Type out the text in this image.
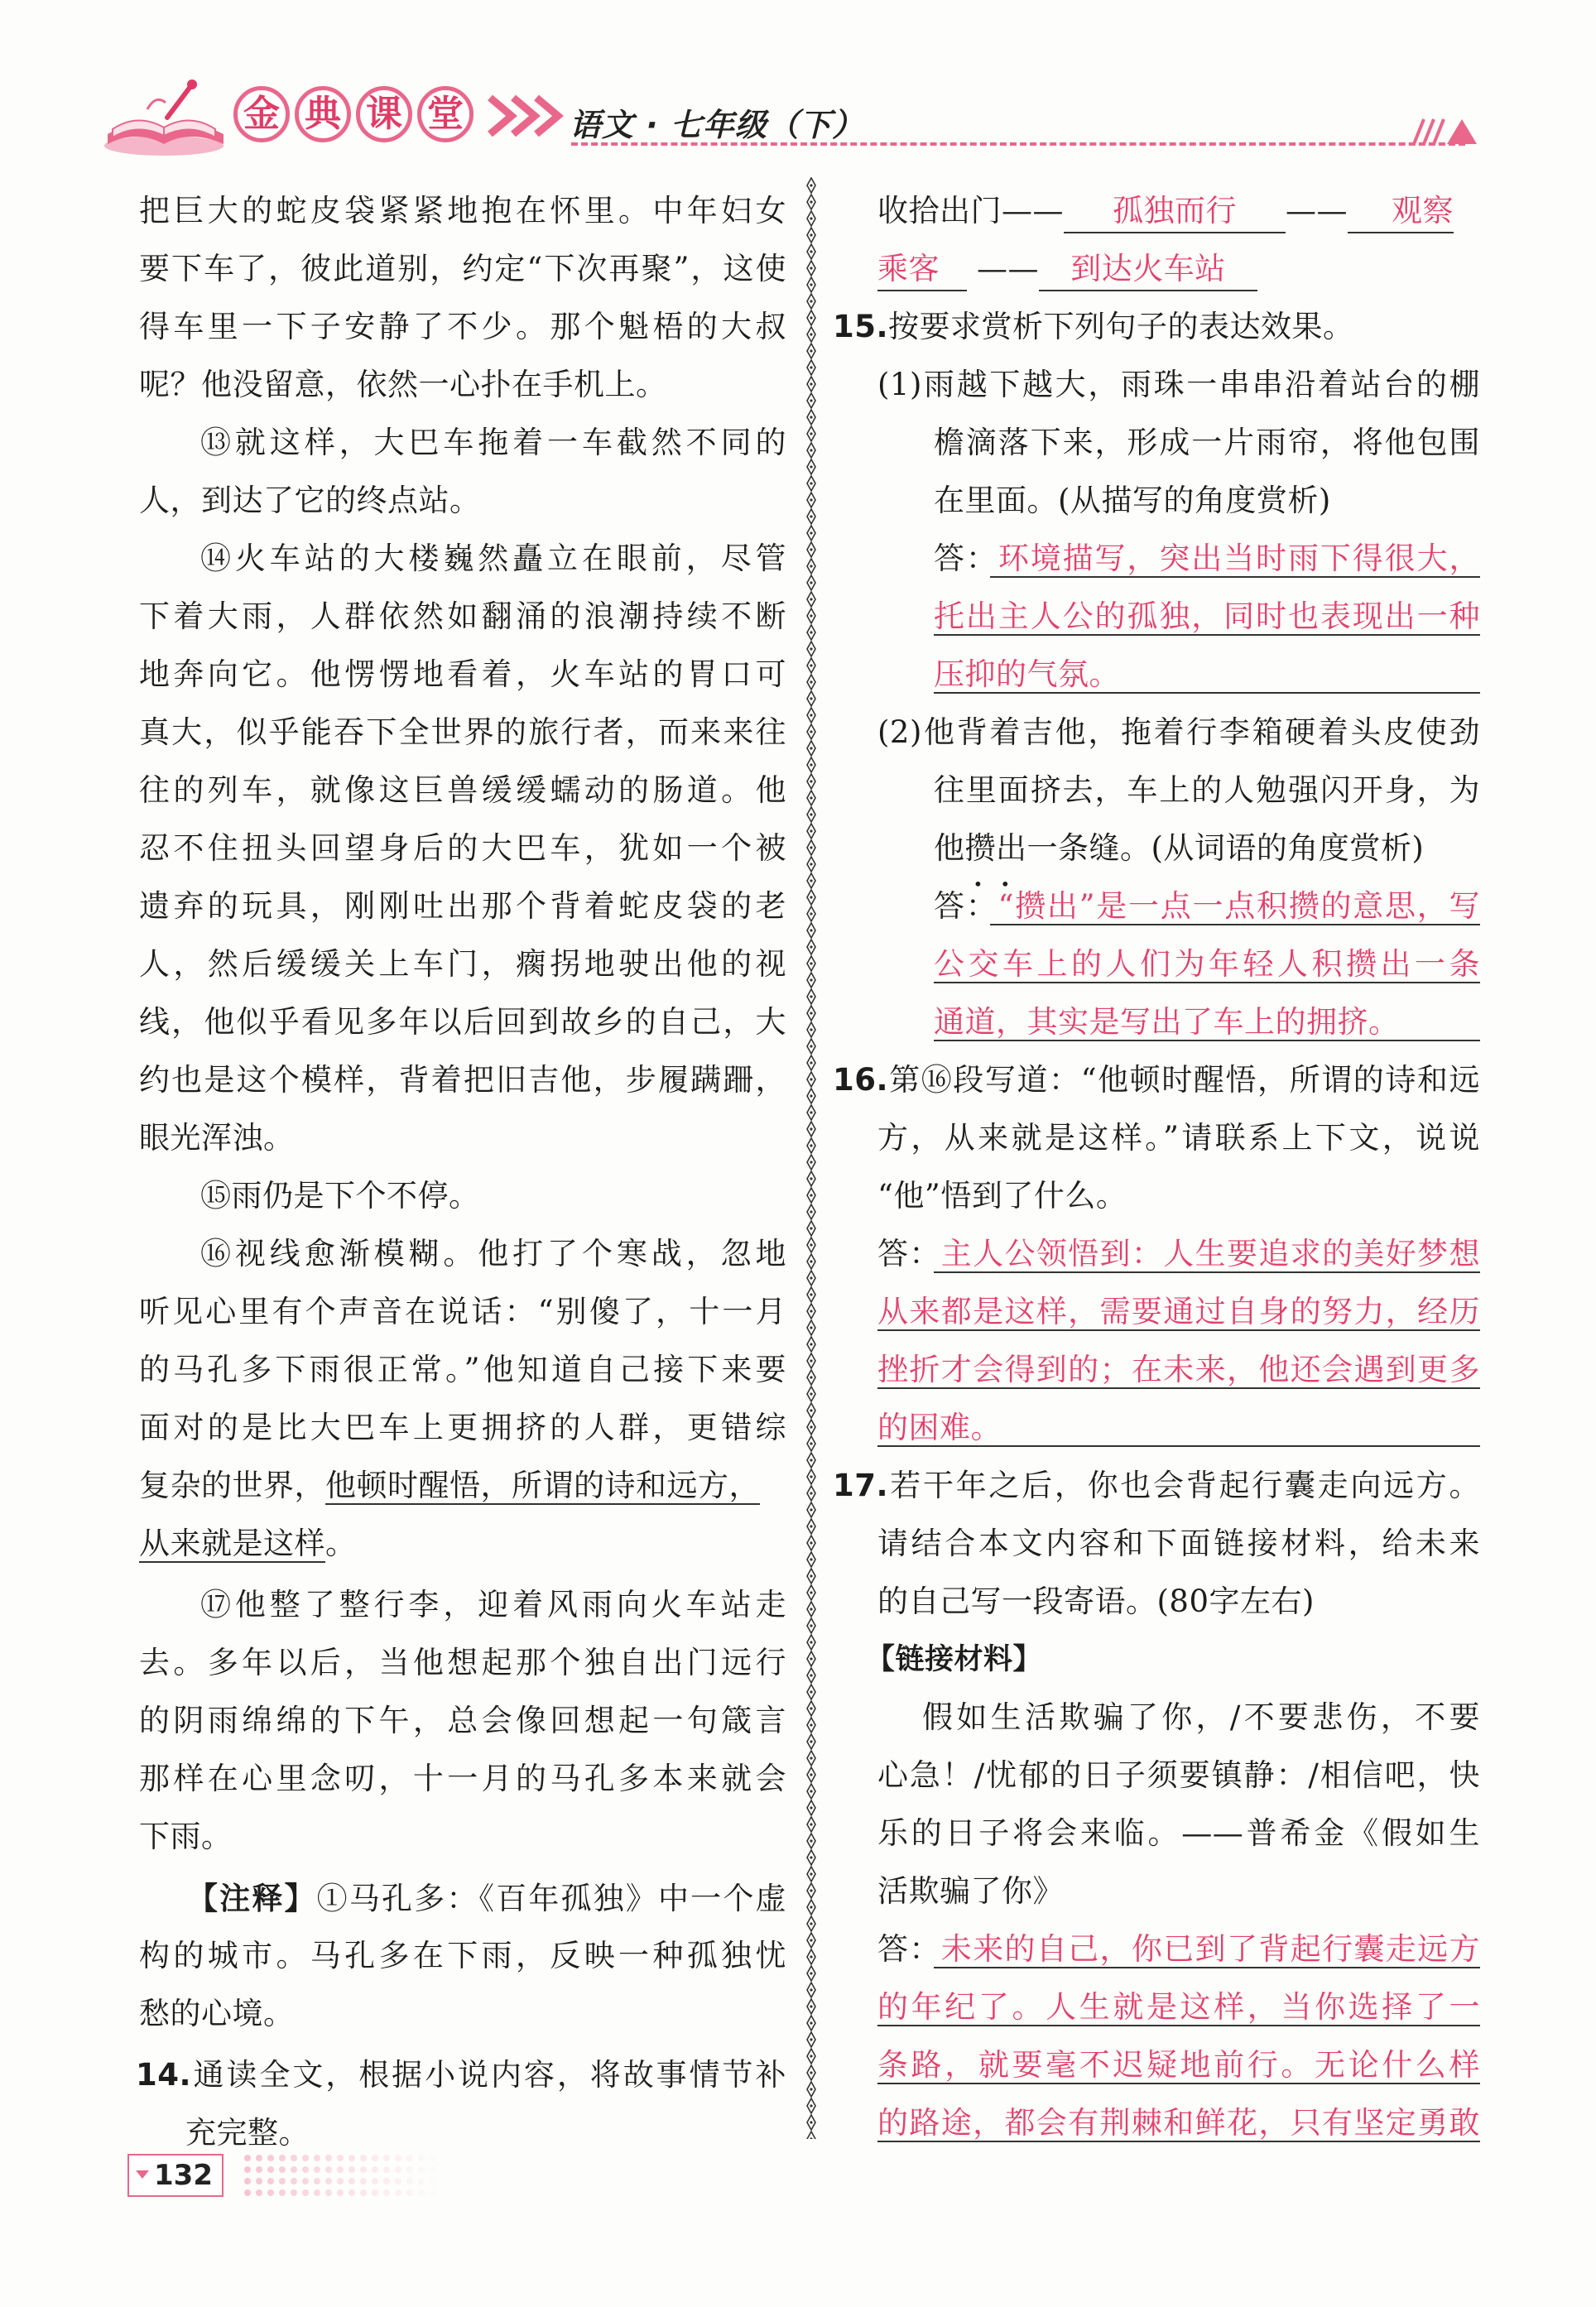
金 典 课 堂	语文 · 七年级（下）
把巨大的蛇皮袋紧紧地抱在怀里。中年妇女
要下车了，彼此道别，约定“下次再聚”，这使
得车里一下子安静了不少。那个魁梧的大叔
呢？他没留意，依然一心扑在手机上。
⑬就这样，大巴车拖着一车截然不同的
人，到达了它的终点站。
⑭火车站的大楼巍然矗立在眼前，尽管
下着大雨，人群依然如翻涌的浪潮持续不断
地奔向它。他愣愣地看着，火车站的胃口可
真大，似乎能吞下全世界的旅行者，而来来往
往的列车，就像这巨兽缓缓蠕动的肠道。他
忍不住扭头回望身后的大巴车，犹如一个被
遗弃的玩具，刚刚吐出那个背着蛇皮袋的老
人，然后缓缓关上车门，瘸拐地驶出他的视
线，他似乎看见多年以后回到故乡的自己，大
约也是这个模样，背着把旧吉他，步履蹒跚，
眼光浑浊。
⑮雨仍是下个不停。
⑯视线愈渐模糊。他打了个寒战，忽地
听见心里有个声音在说话：“别傻了，十一月
的马孔多下雨很正常。”他知道自己接下来要
面对的是比大巴车上更拥挤的人群，更错综
复杂的世界，他顿时醒悟，所谓的诗和远方，
从来就是这样。
⑰他整了整行李，迎着风雨向火车站走
去。多年以后，当他想起那个独自出门远行
的阴雨绵绵的下午，总会像回想起一句箴言
那样在心里念叨，十一月的马孔多本来就会
下雨。
【注释】①马孔多：《百年孤独》中一个虚
构的城市。马孔多在下雨，反映一种孤独忧
愁的心境。
14.通读全文，根据小说内容，将故事情节补
充完整。
收拾出门—— 孤独而行 —— 观察
乘客 —— 到达火车站
15.按要求赏析下列句子的表达效果。
(1)雨越下越大，雨珠一串串沿着站台的棚
檐滴落下来，形成一片雨帘，将他包围
在里面。(从描写的角度赏析)
答：环境描写，突出当时雨下得很大，
托出主人公的孤独，同时也表现出一种
压抑的气氛。
(2)他背着吉他，拖着行李箱硬着头皮使劲
往里面挤去，车上的人勉强闪开身，为
他攒出
•   •
一条缝。(从词语的角度赏析)
答：“攒出”是一点一点积攒的意思，写
公交车上的人们为年轻人积攒出一条
通道，其实是写出了车上的拥挤。
16.第⑯段写道：“他顿时醒悟，所谓的诗和远
方，从来就是这样。”请联系上下文，说说
“他”悟到了什么。
答：主人公领悟到：人生要追求的美好梦想
从来都是这样，需要通过自身的努力，经历
挫折才会得到的；在未来，他还会遇到更多
的困难。
17.若干年之后，你也会背起行囊走向远方。
请结合本文内容和下面链接材料，给未来
的自己写一段寄语。(80字左右)
【链接材料】
假如生活欺骗了你，/不要悲伤，不要
心急！/忧郁的日子须要镇静：/相信吧，快
乐的日子将会来临。——普希金《假如生
活欺骗了你》
答：未来的自己，你已到了背起行囊走远方
的年纪了。人生就是这样，当你选择了一
条路，就要毫不迟疑地前行。无论什么样
的路途，都会有荆棘和鲜花，只有坚定勇敢
132
